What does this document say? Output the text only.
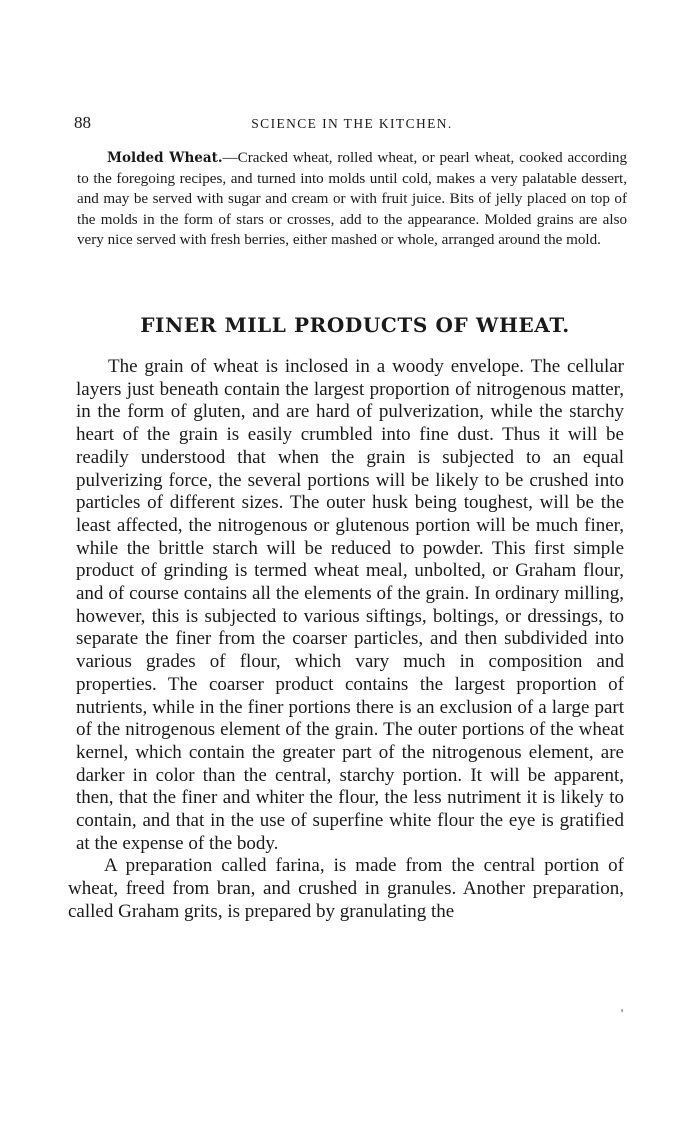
88	SCIENCE IN THE KITCHEN.

Molded Wheat.—Cracked wheat, rolled wheat, or pearl wheat, cooked according to the foregoing recipes, and turned into molds until cold, makes a very palatable dessert, and may be served with sugar and cream or with fruit juice. Bits of jelly placed on top of the molds in the form of stars or crosses, add to the appearance. Molded grains are also very nice served with fresh berries, either mashed or whole, arranged around the mold.

FINER MILL PRODUCTS OF WHEAT.

The grain of wheat is inclosed in a woody envelope. The cellular layers just beneath contain the largest proportion of nitrogenous matter, in the form of gluten, and are hard of pulverization, while the starchy heart of the grain is easily crumbled into fine dust. Thus it will be readily understood that when the grain is subjected to an equal pulverizing force, the several portions will be likely to be crushed into particles of different sizes. The outer husk being toughest, will be the least affected, the nitrogenous or glutenous portion will be much finer, while the brittle starch will be reduced to powder. This first simple product of grinding is termed wheat meal, unbolted, or Graham flour, and of course contains all the elements of the grain. In ordinary milling, however, this is subjected to various siftings, boltings, or dressings, to separate the finer from the coarser particles, and then subdivided into various grades of flour, which vary much in composition and properties. The coarser product contains the largest proportion of nutrients, while in the finer portions there is an exclusion of a large part of the nitrogenous element of the grain. The outer portions of the wheat kernel, which contain the greater part of the nitrogenous element, are darker in color than the central, starchy portion. It will be apparent, then, that the finer and whiter the flour, the less nutriment it is likely to contain, and that in the use of superfine white flour the eye is gratified at the expense of the body.

A preparation called farina, is made from the central portion of wheat, freed from bran, and crushed in granules. Another preparation, called Graham grits, is prepared by granulating the

'
